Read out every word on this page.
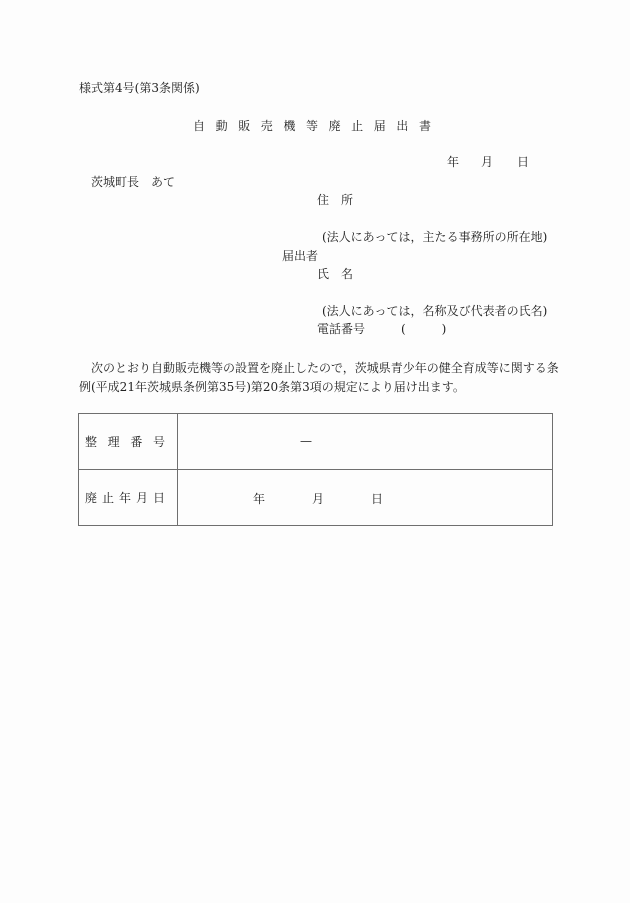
様式第4号(第3条関係)
自 動 販 売 機 等 廃 止 届 出 書
年 月 日
茨城町長　あて
住　所
(法人にあっては，主たる事務所の所在地)
届出者
氏　名
(法人にあっては，名称及び代表者の氏名)
電話番号	(　　　)
　次のとおり自動販売機等の設置を廃止したので，茨城県青少年の健全育成等に関する条
例(平成21年茨城県条例第35号)第20条第3項の規定により届け出ます。
整 理 番 号	—

廃 止 年 月 日	年 月 日
